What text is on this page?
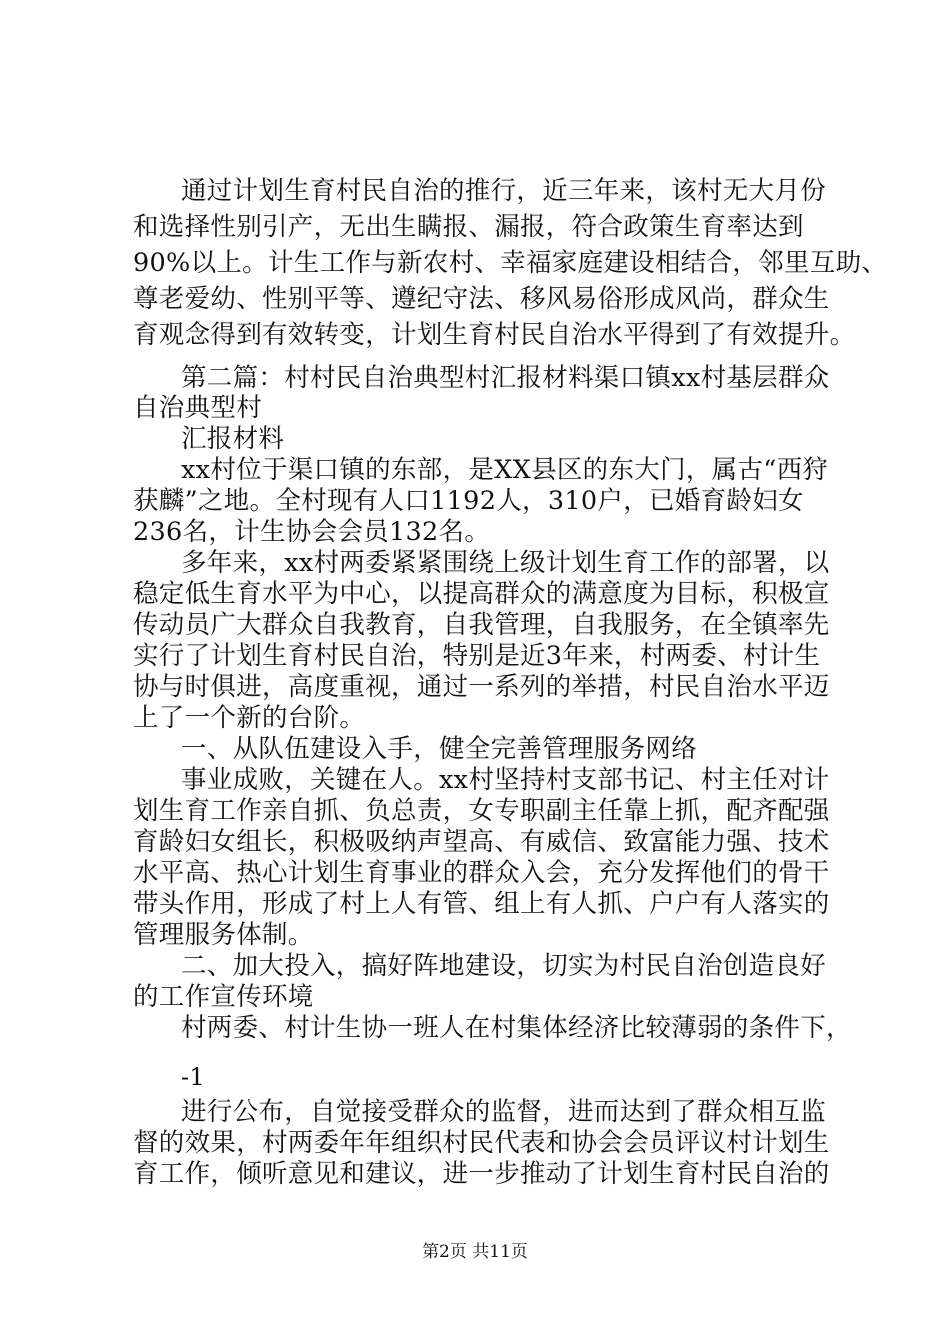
通过计划生育村民自治的推行，近三年来，该村无大月份
和选择性别引产，无出生瞒报、漏报，符合政策生育率达到
90%以上。计生工作与新农村、幸福家庭建设相结合，邻里互助、
尊老爱幼、性别平等、遵纪守法、移风易俗形成风尚，群众生
育观念得到有效转变，计划生育村民自治水平得到了有效提升。
第二篇：村村民自治典型村汇报材料渠口镇xx村基层群众
自治典型村
汇报材料
xx村位于渠口镇的东部，是XX县区的东大门，属古“西狩
获麟”之地。全村现有人口1192人，310户，已婚育龄妇女
236名，计生协会会员132名。
多年来，xx村两委紧紧围绕上级计划生育工作的部署，以
稳定低生育水平为中心，以提高群众的满意度为目标，积极宣
传动员广大群众自我教育，自我管理，自我服务，在全镇率先
实行了计划生育村民自治，特别是近3年来，村两委、村计生
协与时俱进，高度重视，通过一系列的举措，村民自治水平迈
上了一个新的台阶。
一、从队伍建设入手，健全完善管理服务网络
事业成败，关键在人。xx村坚持村支部书记、村主任对计
划生育工作亲自抓、负总责，女专职副主任靠上抓，配齐配强
育龄妇女组长，积极吸纳声望高、有威信、致富能力强、技术
水平高、热心计划生育事业的群众入会，充分发挥他们的骨干
带头作用，形成了村上人有管、组上有人抓、户户有人落实的
管理服务体制。
二、加大投入，搞好阵地建设，切实为村民自治创造良好
的工作宣传环境
村两委、村计生协一班人在村集体经济比较薄弱的条件下，
-1
进行公布，自觉接受群众的监督，进而达到了群众相互监
督的效果，村两委年年组织村民代表和协会会员评议村计划生
育工作，倾听意见和建议，进一步推动了计划生育村民自治的
第2页 共11页
